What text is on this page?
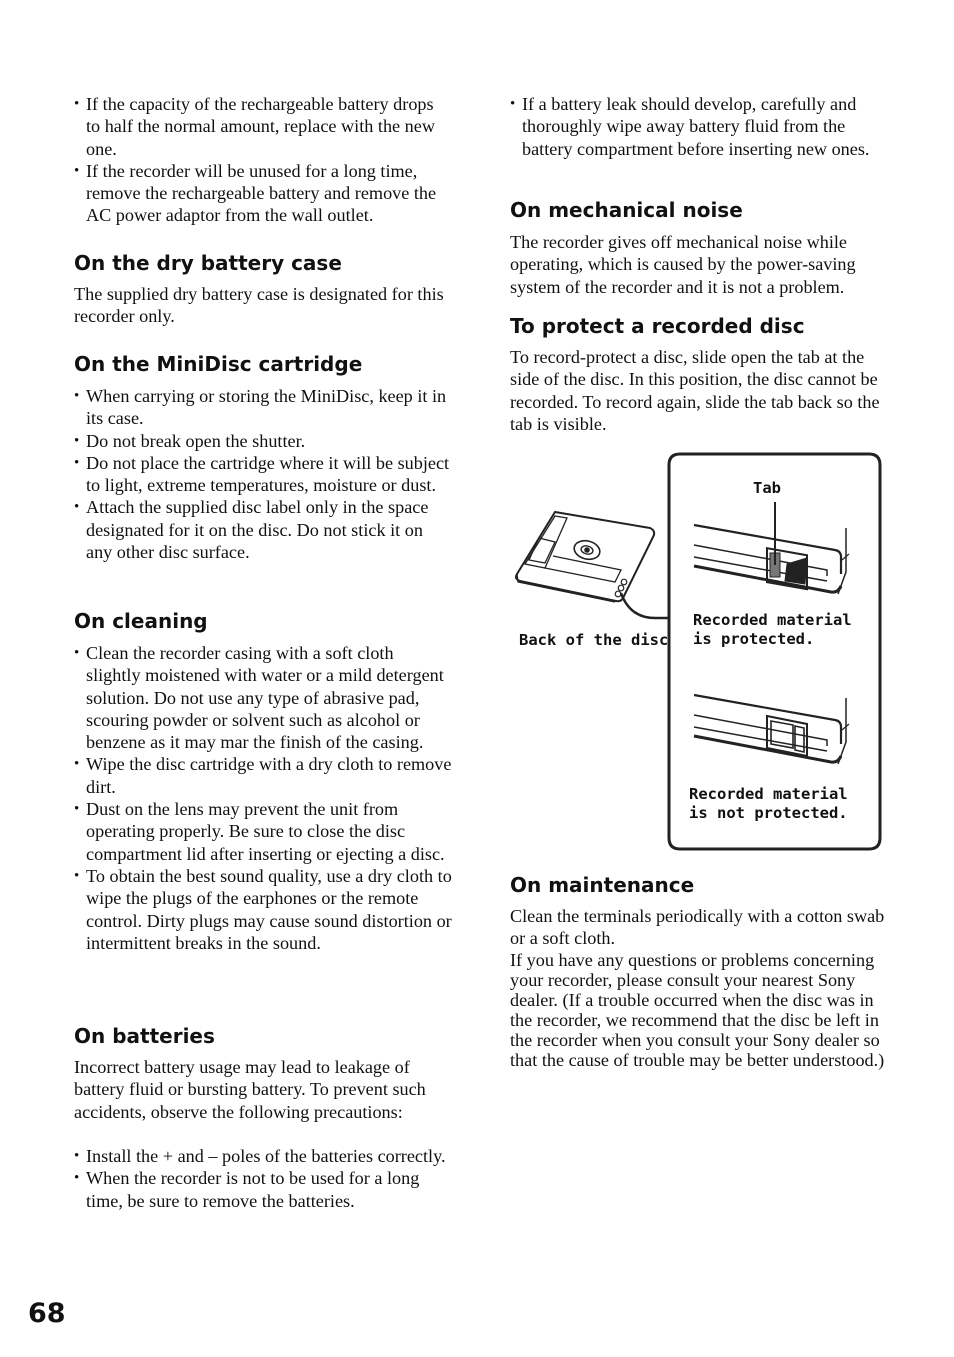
• If the capacity of the rechargeable battery drops to half the normal amount, replace with the new one.

• If the recorder will be unused for a long time, remove the rechargeable battery and remove the AC power adaptor from the wall outlet.

On the dry battery case

The supplied dry battery case is designated for this recorder only.

On the MiniDisc cartridge

• When carrying or storing the MiniDisc, keep it in its case.

• Do not break open the shutter.

• Do not place the cartridge where it will be subject to light, extreme temperatures, moisture or dust.

• Attach the supplied disc label only in the space designated for it on the disc. Do not stick it on any other disc surface.

On cleaning

• Clean the recorder casing with a soft cloth slightly moistened with water or a mild detergent solution. Do not use any type of abrasive pad, scouring powder or solvent such as alcohol or benzene as it may mar the finish of the casing.

• Wipe the disc cartridge with a dry cloth to remove dirt.

• Dust on the lens may prevent the unit from operating properly. Be sure to close the disc compartment lid after inserting or ejecting a disc.

• To obtain the best sound quality, use a dry cloth to wipe the plugs of the earphones or the remote control. Dirty plugs may cause sound distortion or intermittent breaks in the sound.

On batteries

Incorrect battery usage may lead to leakage of battery fluid or bursting battery. To prevent such accidents, observe the following precautions:

• Install the + and – poles of the batteries correctly.

• When the recorder is not to be used for a long time, be sure to remove the batteries.

• If a battery leak should develop, carefully and thoroughly wipe away battery fluid from the battery compartment before inserting new ones.

On mechanical noise

The recorder gives off mechanical noise while operating, which is caused by the power-saving system of the recorder and it is not a problem.

To protect a recorded disc

To record-protect a disc, slide open the tab at the side of the disc. In this position, the disc cannot be recorded. To record again, slide the tab back so the tab is visible.

Tab
Back of the disc
Recorded material is protected.
Recorded material is not protected.
On maintenance

Clean the terminals periodically with a cotton swab or a soft cloth.

If you have any questions or problems concerning your recorder, please consult your nearest Sony dealer. (If a trouble occurred when the disc was in the recorder, we recommend that the disc be left in the recorder when you consult your Sony dealer so that the cause of trouble may be better understood.)

68
